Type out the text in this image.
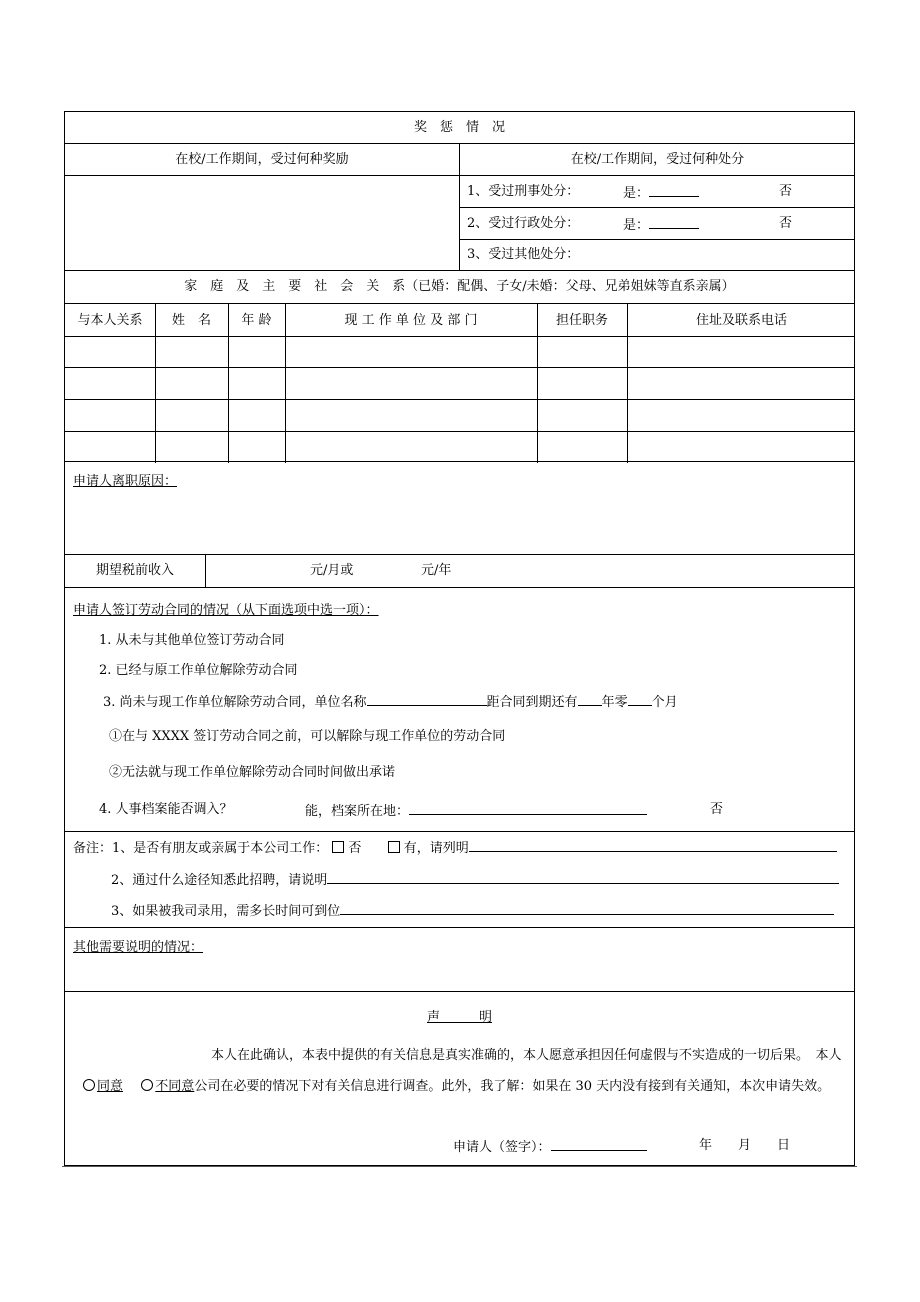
奖　惩　情　况
在校/工作期间，受过何种奖励	在校/工作期间，受过何种处分
1、受过刑事处分：	是：	否
2、受过行政处分：	是：	否
3、受过其他处分：
家　庭　及　主　要　社　会　关　系（已婚：配偶、子女/未婚：父母、兄弟姐妹等直系亲属）
与本人关系	姓　名	年 龄	现 工 作 单 位 及 部 门	担任职务	住址及联系电话
申请人离职原因：
期望税前收入	元/月或	元/年
申请人签订劳动合同的情况（从下面选项中选一项）：
1. 从未与其他单位签订劳动合同
2. 已经与原工作单位解除劳动合同
3. 尚未与现工作单位解除劳动合同，单位名称	距合同到期还有 年零 个月
①在与 XXXX 签订劳动合同之前，可以解除与现工作单位的劳动合同
②无法就与现工作单位解除劳动合同时间做出承诺
4. 人事档案能否调入？	能，档案所在地：	否
备注：1、是否有朋友或亲属于本公司工作： 否	有，请列明
2、通过什么途径知悉此招聘，请说明
3、如果被我司录用，需多长时间可到位
其他需要说明的情况：
声　　　明
本人在此确认，本表中提供的有关信息是真实准确的，本人愿意承担因任何虚假与不实造成的一切后果。　本人
同意 不同意公司在必要的情况下对有关信息进行调查。此外，我了解：如果在 30 天内没有接到有关通知，本次申请失效。
申请人（签字）：	年 月 日
